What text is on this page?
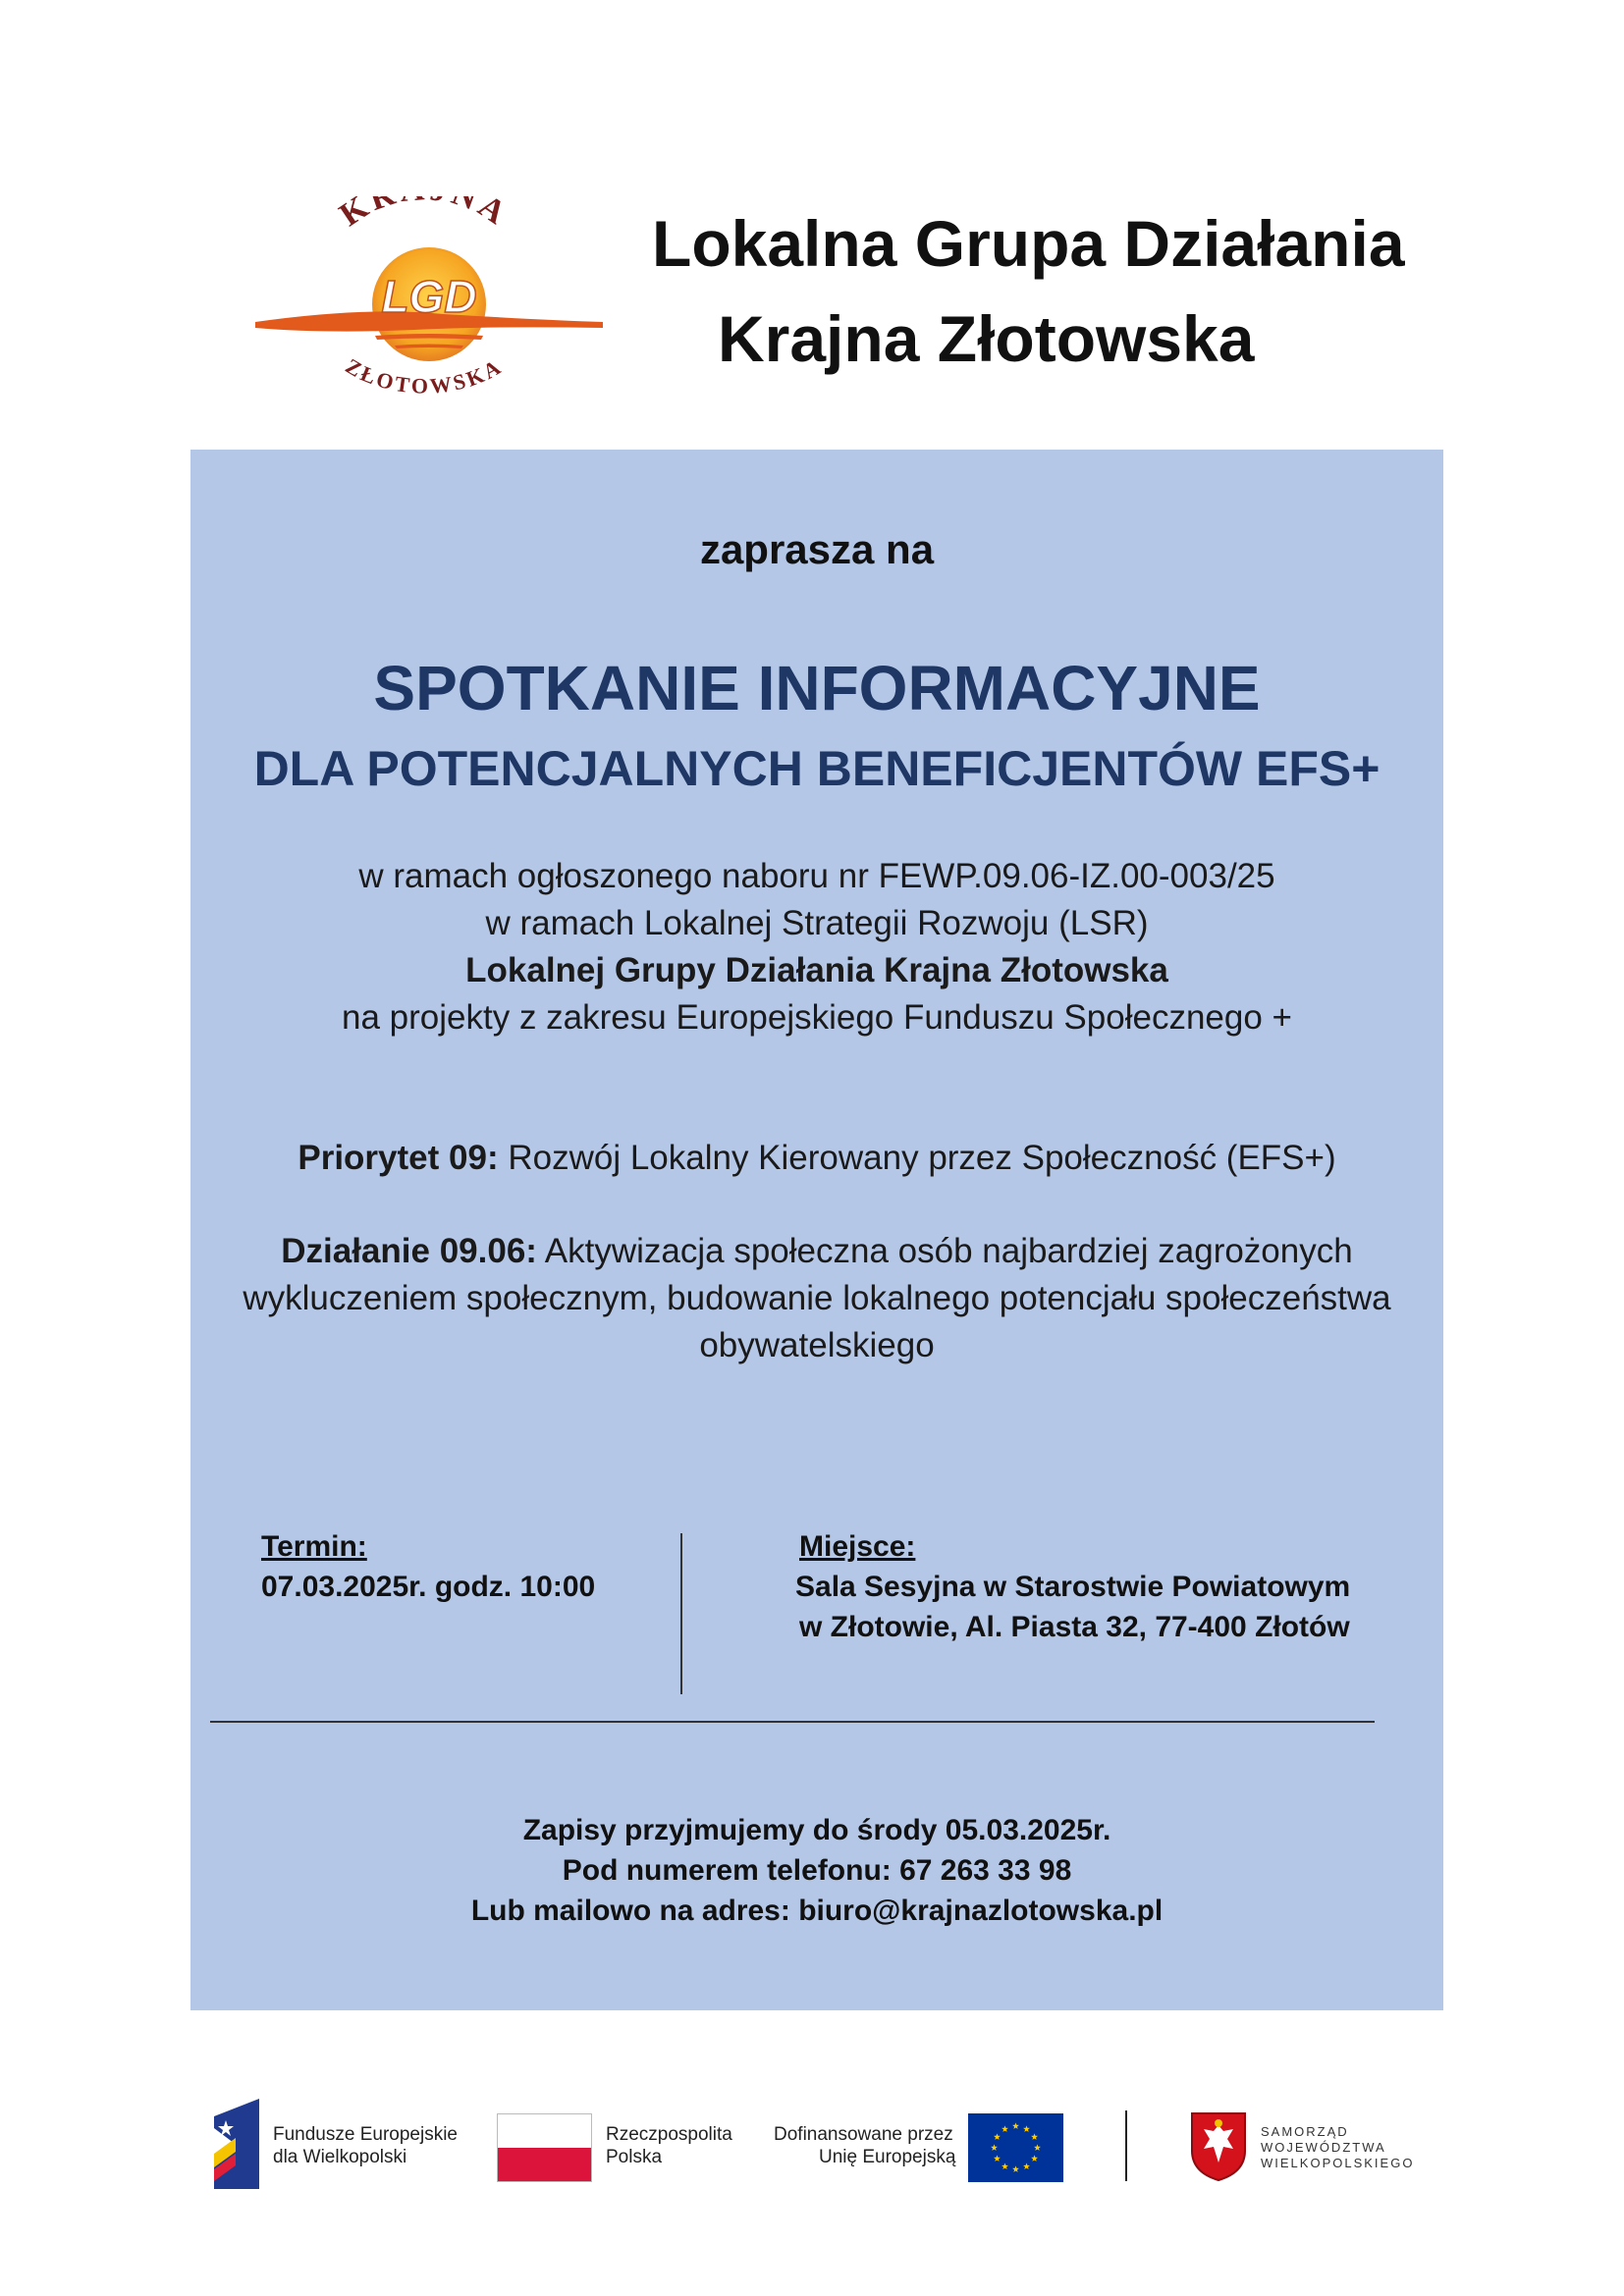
K NA
LGD
ZŁOTOWSKA
Lokalna Grupa Działania
Krajna Złotowska
zaprasza na
SPOTKANIE INFORMACYJNE
DLA POTENCJALNYCH BENEFICJENTÓW EFS+
w ramach ogłoszonego naboru nr FEWP.09.06-IZ.00-003/25
w ramach Lokalnej Strategii Rozwoju (LSR)
Lokalnej Grupy Działania Krajna Złotowska
na projekty z zakresu Europejskiego Funduszu Społecznego +
Priorytet 09: Rozwój Lokalny Kierowany przez Społeczność (EFS+)
Działanie 09.06: Aktywizacja społeczna osób najbardziej zagrożonych
wykluczeniem społecznym, budowanie lokalnego potencjału społeczeństwa
obywatelskiego
Termin:
07.03.2025r. godz. 10:00
Miejsce:
Sala Sesyjna w Starostwie Powiatowym
w Złotowie, Al. Piasta 32, 77-400 Złotów
Zapisy przyjmujemy do środy 05.03.2025r.
Pod numerem telefonu: 67 263 33 98
Lub mailowo na adres: biuro@krajnazlotowska.pl
Fundusze Europejskie
dla Wielkopolski
Rzeczpospolita
Polska
Dofinansowane przez
Unię Europejską
SAMORZĄD
WOJEWÓDZTWA
WIELKOPOLSKIEGO
